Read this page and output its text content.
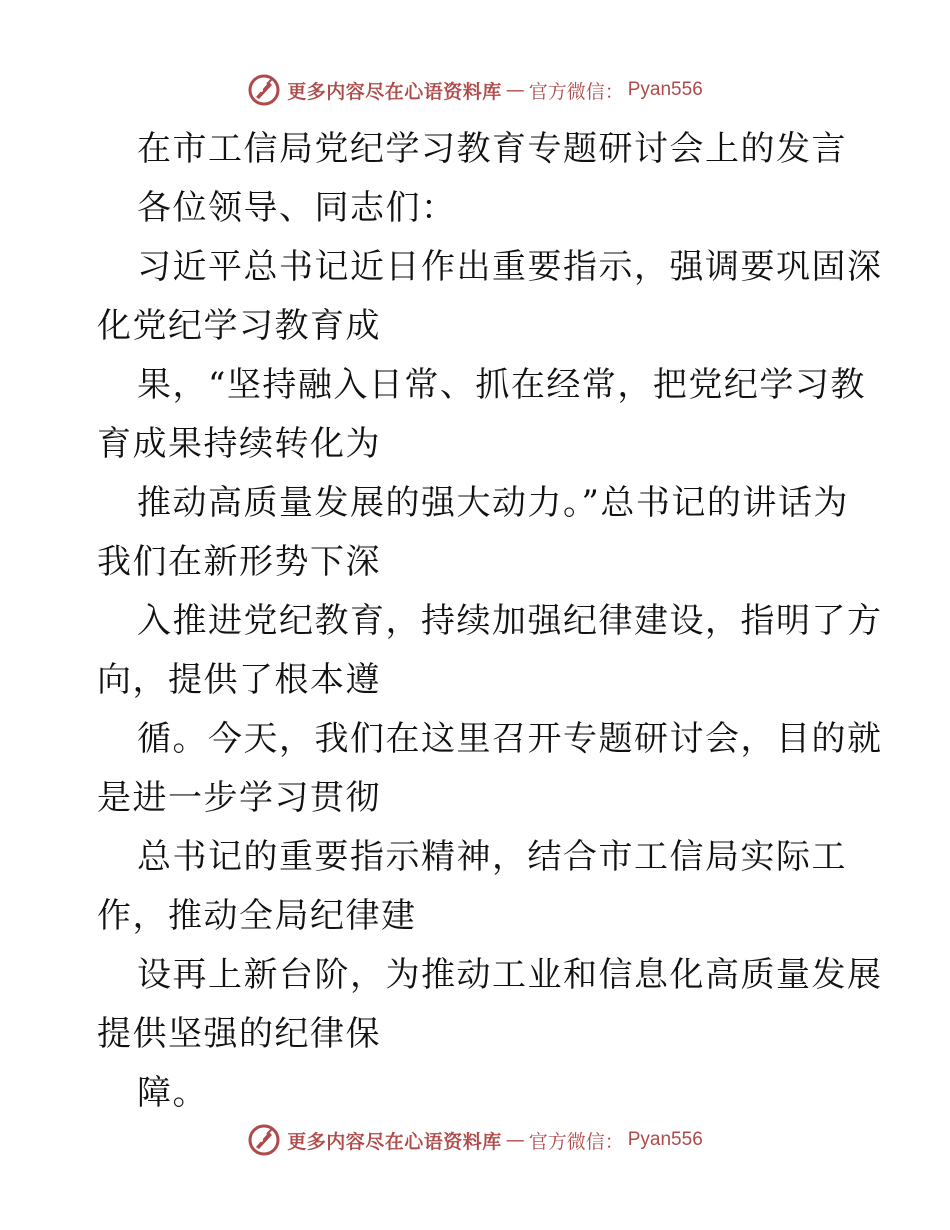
更多内容尽在心语资料库 — 官方微信： Pyan556
在市工信局党纪学习教育专题研讨会上的发言
各位领导、同志们：
习近平总书记近日作出重要指示，强调要巩固深
化党纪学习教育成
果，“坚持融入日常、抓在经常，把党纪学习教
育成果持续转化为
推动高质量发展的强大动力。”总书记的讲话为
我们在新形势下深
入推进党纪教育，持续加强纪律建设，指明了方
向，提供了根本遵
循。今天，我们在这里召开专题研讨会，目的就
是进一步学习贯彻
总书记的重要指示精神，结合市工信局实际工
作，推动全局纪律建
设再上新台阶，为推动工业和信息化高质量发展
提供坚强的纪律保
障。
更多内容尽在心语资料库 — 官方微信： Pyan556
